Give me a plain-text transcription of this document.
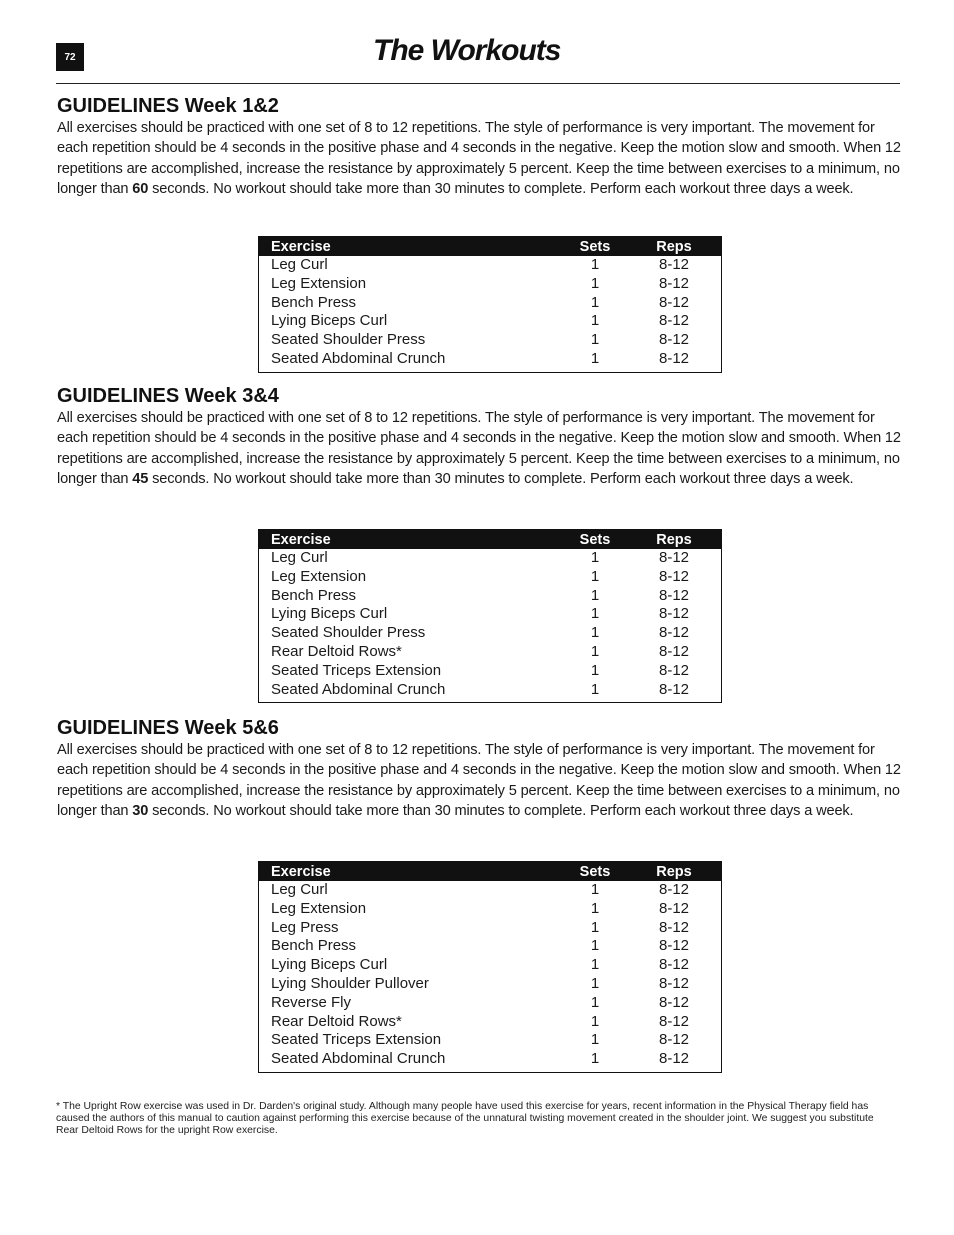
72	The Workouts
GUIDELINES Week 1&2

All exercises should be practiced with one set of 8 to 12 repetitions. The style of performance is very important. The movement for each repetition should be 4 seconds in the positive phase and 4 seconds in the negative. Keep the motion slow and smooth. When 12 repetitions are accomplished, increase the resistance by approximately 5 percent. Keep the time between exercises to a minimum, no longer than 60 seconds. No workout should take more than 30 minutes to complete. Perform each workout three days a week.

Exercise	Sets	Reps
Leg Curl	1	8-12
Leg Extension	1	8-12
Bench Press	1	8-12
Lying Biceps Curl	1	8-12
Seated Shoulder Press	1	8-12
Seated Abdominal Crunch	1	8-12
GUIDELINES Week 3&4

All exercises should be practiced with one set of 8 to 12 repetitions. The style of performance is very important. The movement for each repetition should be 4 seconds in the positive phase and 4 seconds in the negative. Keep the motion slow and smooth. When 12 repetitions are accomplished, increase the resistance by approximately 5 percent. Keep the time between exercises to a minimum, no longer than 45 seconds. No workout should take more than 30 minutes to complete. Perform each workout three days a week.

Exercise	Sets	Reps
Leg Curl	1	8-12
Leg Extension	1	8-12
Bench Press	1	8-12
Lying Biceps Curl	1	8-12
Seated Shoulder Press	1	8-12
Rear Deltoid Rows*	1	8-12
Seated Triceps Extension	1	8-12
Seated Abdominal Crunch	1	8-12
GUIDELINES Week 5&6

All exercises should be practiced with one set of 8 to 12 repetitions. The style of performance is very important. The movement for each repetition should be 4 seconds in the positive phase and 4 seconds in the negative. Keep the motion slow and smooth. When 12 repetitions are accomplished, increase the resistance by approximately 5 percent. Keep the time between exercises to a minimum, no longer than 30 seconds. No workout should take more than 30 minutes to complete. Perform each workout three days a week.

Exercise	Sets	Reps
Leg Curl	1	8-12
Leg Extension	1	8-12
Leg Press	1	8-12
Bench Press	1	8-12
Lying Biceps Curl	1	8-12
Lying Shoulder Pullover	1	8-12
Reverse Fly	1	8-12
Rear Deltoid Rows*	1	8-12
Seated Triceps Extension	1	8-12
Seated Abdominal Crunch	1	8-12

* The Upright Row exercise was used in Dr. Darden's original study. Although many people have used this exercise for years, recent information in the Physical Therapy field has caused the authors of this manual to caution against performing this exercise because of the unnatural twisting movement created in the shoulder joint. We suggest you substitute Rear Deltoid Rows for the upright Row exercise.
